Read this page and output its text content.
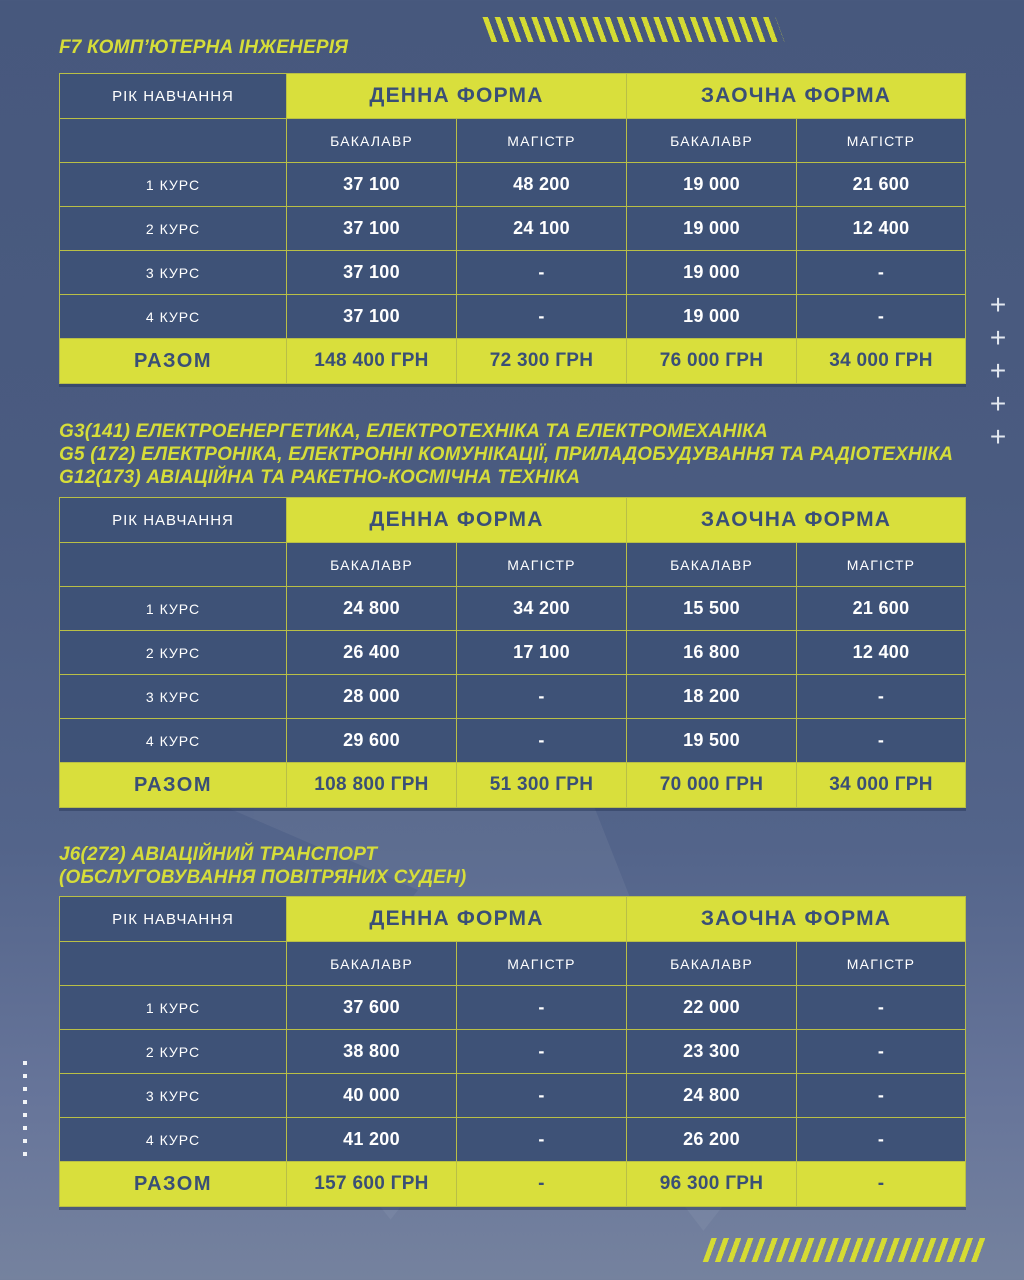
+
+
+
+
+
F7 КОМП’ЮТЕРНА ІНЖЕНЕРІЯ
РІК НАВЧАННЯ	ДЕННА ФОРМА		ЗАОЧНА ФОРМА	
	БАКАЛАВР	МАГІСТР	БАКАЛАВР	МАГІСТР
1 КУРС	37 100	48 200	19 000	21 600
2 КУРС	37 100	24 100	19 000	12 400
3 КУРС	37 100	-	19 000	-
4 КУРС	37 100	-	19 000	-
РАЗОМ	148 400 ГРН	72 300 ГРН	76 000 ГРН	34 000 ГРН
G3(141) ЕЛЕКТРОЕНЕРГЕТИКА, ЕЛЕКТРОТЕХНІКА ТА ЕЛЕКТРОМЕХАНІКА
G5 (172) ЕЛЕКТРОНІКА, ЕЛЕКТРОННІ КОМУНІКАЦІЇ, ПРИЛАДОБУДУВАННЯ ТА РАДІОТЕХНІКА
G12(173) АВІАЦІЙНА ТА РАКЕТНО-КОСМІЧНА ТЕХНІКА
РІК НАВЧАННЯ	ДЕННА ФОРМА		ЗАОЧНА ФОРМА	
	БАКАЛАВР	МАГІСТР	БАКАЛАВР	МАГІСТР
1 КУРС	24 800	34 200	15 500	21 600
2 КУРС	26 400	17 100	16 800	12 400
3 КУРС	28 000	-	18 200	-
4 КУРС	29 600	-	19 500	-
РАЗОМ	108 800 ГРН	51 300 ГРН	70 000 ГРН	34 000 ГРН
J6(272) АВІАЦІЙНИЙ ТРАНСПОРТ
(ОБСЛУГОВУВАННЯ ПОВІТРЯНИХ СУДЕН)
РІК НАВЧАННЯ	ДЕННА ФОРМА		ЗАОЧНА ФОРМА	
	БАКАЛАВР	МАГІСТР	БАКАЛАВР	МАГІСТР
1 КУРС	37 600	-	22 000	-
2 КУРС	38 800	-	23 300	-
3 КУРС	40 000	-	24 800	-
4 КУРС	41 200	-	26 200	-
РАЗОМ	157 600 ГРН	-	96 300 ГРН	-
